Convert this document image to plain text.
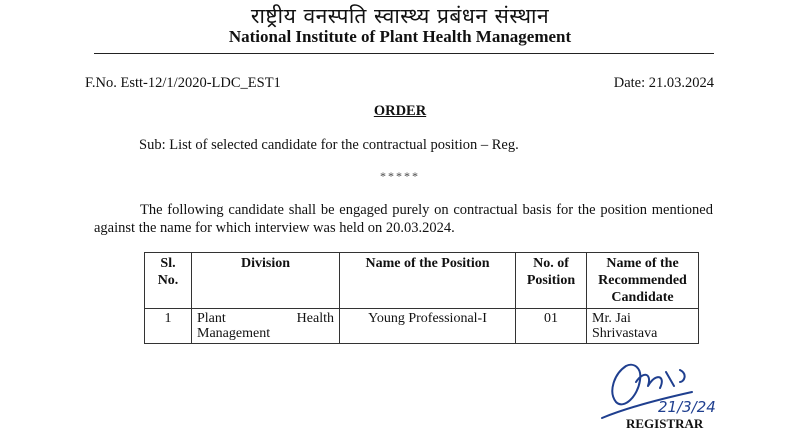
राष्ट्रीय वनस्पति स्वास्थ्य प्रबंधन संस्थान
National Institute of Plant Health Management
F.No. Estt-12/1/2020-LDC_EST1	Date: 21.03.2024
ORDER
Sub: List of selected candidate for the contractual position – Reg.
*****
The following candidate shall be engaged purely on contractual basis for the position mentioned against the name for which interview was held on 20.03.2024.
Sl. No.	Division	Name of the Position	No. of Position	Name of the Recommended Candidate
1	Plant Health Management	Young Professional-I	01	Mr. Jai Shrivastava
21/3/24
REGISTRAR
